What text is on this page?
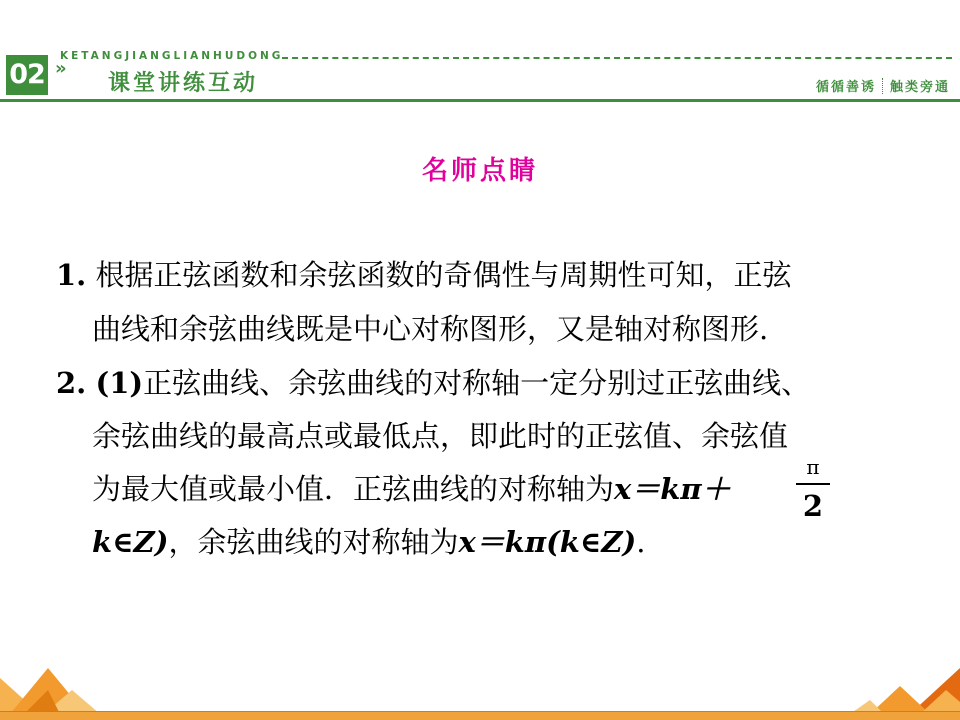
02
KETANGJIANGLIANHUDONG
»
课堂讲练互动	循循善诱 触类旁通
名师点睛
1. 根据正弦函数和余弦函数的奇偶性与周期性可知，正弦
曲线和余弦曲线既是中心对称图形，又是轴对称图形.
2. (1)正弦曲线、余弦曲线的对称轴一定分别过正弦曲线、
余弦曲线的最高点或最低点，即此时的正弦值、余弦值
为最大值或最小值．正弦曲线的对称轴为x＝kπ＋
π
2
k∈Z)，余弦曲线的对称轴为x＝kπ(k∈Z).
